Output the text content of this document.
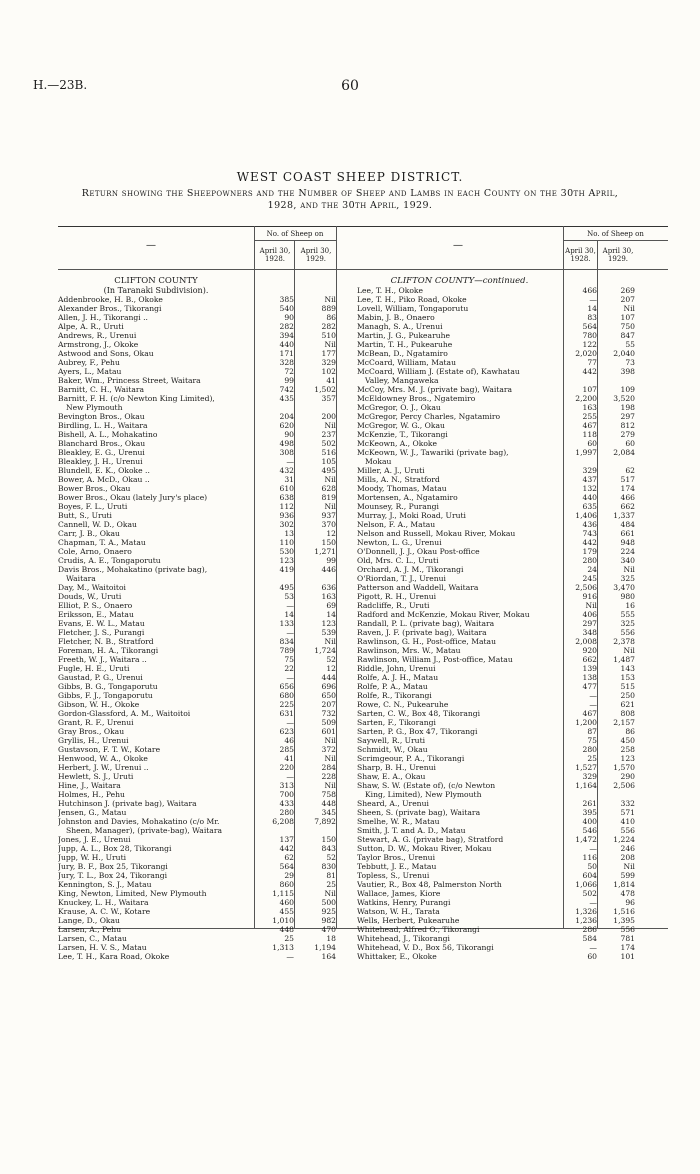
H.—23B.	60
WEST COAST SHEEP DISTRICT.
Return showing the Sheepowners and the Number of Sheep and Lambs in each County on the 30th April, 1928, and the 30th April, 1929.
—
No. of Sheep on
April 30, 1928.
April 30, 1929.
—
No. of Sheep on
April 30, 1928.
April 30, 1929.
CLIFTON COUNTY
(In Taranaki Subdivision).
Addenbrooke, H. B., Okoke	385	Nil
Alexander Bros., Tikorangi	540	889
Allen, J. H., Tikorangi ..	90	86
Alpe, A. R., Uruti	282	282
Andrews, R., Urenui	394	510
Armstrong, J., Okoke	440	Nil
Astwood and Sons, Okau	171	177
Aubrey, F., Pehu	328	329
Ayers, L., Matau	72	102
Baker, Wm., Princess Street, Waitara	99	41
Barnitt, C. H., Waitara	742	1,502
Barnitt, F. H. (c/o Newton King Limited),	435	357
New Plymouth
Bevington Bros., Okau	204	200
Birdling, L. H., Waitara	620	Nil
Bishell, A. L., Mohakatino	90	237
Blanchard Bros., Okau	498	502
Bleakley, E. G., Urenui	308	516
Bleakley, J. H., Urenui	—	105
Blundell, E. K., Okoke ..	432	495
Bower, A. McD., Okau ..	31	Nil
Bower Bros., Okau	610	628
Bower Bros., Okau (lately Jury's place)	638	819
Boyes, F. L., Uruti	112	Nil
Butt, S., Uruti	936	937
Cannell, W. D., Okau	302	370
Carr, J. B., Okau	13	12
Chapman, T. A., Matau	110	150
Cole, Arno, Onaero	530	1,271
Crudis, A. E., Tongaporutu	123	99
Davis Bros., Mohakatino (private bag),	419	446
Waitara
Day, M., Waitoitoi	495	636
Douds, W., Uruti	53	163
Elliot, P. S., Onaero	—	69
Eriksson, E., Matau	14	14
Evans, E. W. L., Matau	133	123
Fletcher, J. S., Purangi	—	539
Fletcher, N. B., Stratford	834	Nil
Foreman, H. A., Tikorangi	789	1,724
Freeth, W. J., Waitara ..	75	52
Fugle, H. E., Uruti	22	12
Gaustad, P. G., Urenui	—	444
Gibbs, B. G., Tongaporutu	656	696
Gibbs, F. J., Tongaporutu	680	650
Gibson, W. H., Okoke	225	207
Gordon-Glassford, A. M., Waitoitoi	631	732
Grant, R. F., Urenui	—	509
Gray Bros., Okau	623	601
Gryllis, H., Urenui	46	Nil
Gustavson, F. T. W., Kotare	285	372
Henwood, W. A., Okoke	41	Nil
Herbert, J. W., Urenui ..	220	284
Hewlett, S. J., Uruti	—	228
Hine, J., Waitara	313	Nil
Holmes, H., Pehu	700	758
Hutchinson J. (private bag), Waitara	433	448
Jensen, G., Matau	280	345
Johnston and Davies, Mohakatino (c/o Mr.	6,208	7,892
Sheen, Manager), (private-bag), Waitara
Jones, J. E., Urenui	137	150
Jupp, A. L., Box 28, Tikorangi	442	843
Jupp, W. H., Uruti	62	52
Jury, B. F., Box 25, Tikorangi	564	830
Jury, T. L., Box 24, Tikorangi	29	81
Kennington, S. J., Matau	860	25
King, Newton, Limited, New Plymouth	1,115	Nil
Knuckey, L. H., Waitara	460	500
Krause, A. C. W., Kotare	455	925
Lange, D., Okau	1,010	982
Larsen, A., Pehu	448	470
Larsen, C., Matau	25	18
Larsen, H. V. S., Matau	1,313	1,194
Lee, T. H., Kara Road, Okoke	—	164
CLIFTON COUNTY—continued.
Lee, T. H., Okoke	466	269
Lee, T. H., Piko Road, Okoke	—	207
Lovell, William, Tongaporutu	14	Nil
Mabin, J. B., Onaero	83	107
Managh, S. A., Urenui	564	750
Martin, J. G., Pukearuhe	780	847
Martin, T. H., Pukearuhe	122	55
McBean, D., Ngatamiro	2,020	2,040
McCoard, William, Matau	77	73
McCoard, William J. (Estate of), Kawhatau	442	398
Valley, Mangaweka
McCoy, Mrs. M. J. (private bag), Waitara	107	109
McEldowney Bros., Ngatemiro	2,200	3,520
McGregor, O. J., Okau	163	198
McGregor, Percy Charles, Ngatamiro	255	297
McGregor, W. G., Okau	467	812
McKenzie, T., Tikorangi	118	279
McKeown, A., Okoke	60	60
McKeown, W. J., Tawariki (private bag),	1,997	2,084
Mokau
Miller, A. J., Uruti	329	62
Mills, A. N., Stratford	437	517
Moody, Thomas, Matau	132	174
Mortensen, A., Ngatamiro	440	466
Mounsey, R., Purangi	635	662
Murray, J., Moki Road, Uruti	1,406	1,337
Nelson, F. A., Matau	436	484
Nelson and Russell, Mokau River, Mokau	743	661
Newton, L. G., Urenui	442	948
O'Donnell, J. J., Okau Post-office	179	224
Old, Mrs. C. L., Uruti	280	340
Orchard, A. J. M., Tikorangi	24	Nil
O'Riordan, T. J., Urenui	245	325
Patterson and Waddell, Waitara	2,506	3,470
Pigott, R. H., Urenui	916	980
Radcliffe, R., Uruti	Nil	16
Radford and McKenzie, Mokau River, Mokau	406	555
Randall, P. L. (private bag), Waitara	297	325
Raven, J. F. (private bag), Waitara	348	556
Rawlinson, G. H., Post-office, Matau	2,008	2,378
Rawlinson, Mrs. W., Matau	920	Nil
Rawlinson, William J., Post-office, Matau	662	1,487
Riddle, John, Urenui	139	143
Rolfe, A. J. H., Matau	138	153
Rolfe, P. A., Matau	477	515
Rolfe, R., Tikorangi	—	250
Rowe, C. N., Pukearuhe	—	621
Sarten, C. W., Box 48, Tikorangi	467	808
Sarten, F., Tikorangi	1,200	2,157
Sarten, P. G., Box 47, Tikorangi	87	86
Saywell, R., Uruti	75	450
Schmidt, W., Okau	280	258
Scrimgeour, P. A., Tikorangi	25	123
Sharp, B. H., Urenui	1,527	1,570
Shaw, E. A., Okau	329	290
Shaw, S. W. (Estate of), (c/o Newton	1,164	2,506
King, Limited), New Plymouth
Sheard, A., Urenui	261	332
Sheen, S. (private bag), Waitara	395	571
Smelhe, W. R., Matau	400	410
Smith, J. T. and A. D., Matau	546	556
Stewart, A. G. (private bag), Stratford	1,472	1,224
Sutton, D. W., Mokau River, Mokau	—	246
Taylor Bros., Urenui	116	208
Tebbutt, J. E., Matau	50	Nil
Topless, S., Urenui	604	599
Vautier, R., Box 48, Palmerston North	1,066	1,814
Wallace, James, Kiore	502	478
Watkins, Henry, Purangi	—	96
Watson, W. H., Tarata	1,326	1,516
Wells, Herbert, Pukearuhe	1,236	1,395
Whitehead, Alfred O., Tikorangi	286	556
Whitehead, J., Tikorangi	584	781
Whitehead, V. D., Box 56, Tikorangi	—	174
Whittaker, E., Okoke	60	101
